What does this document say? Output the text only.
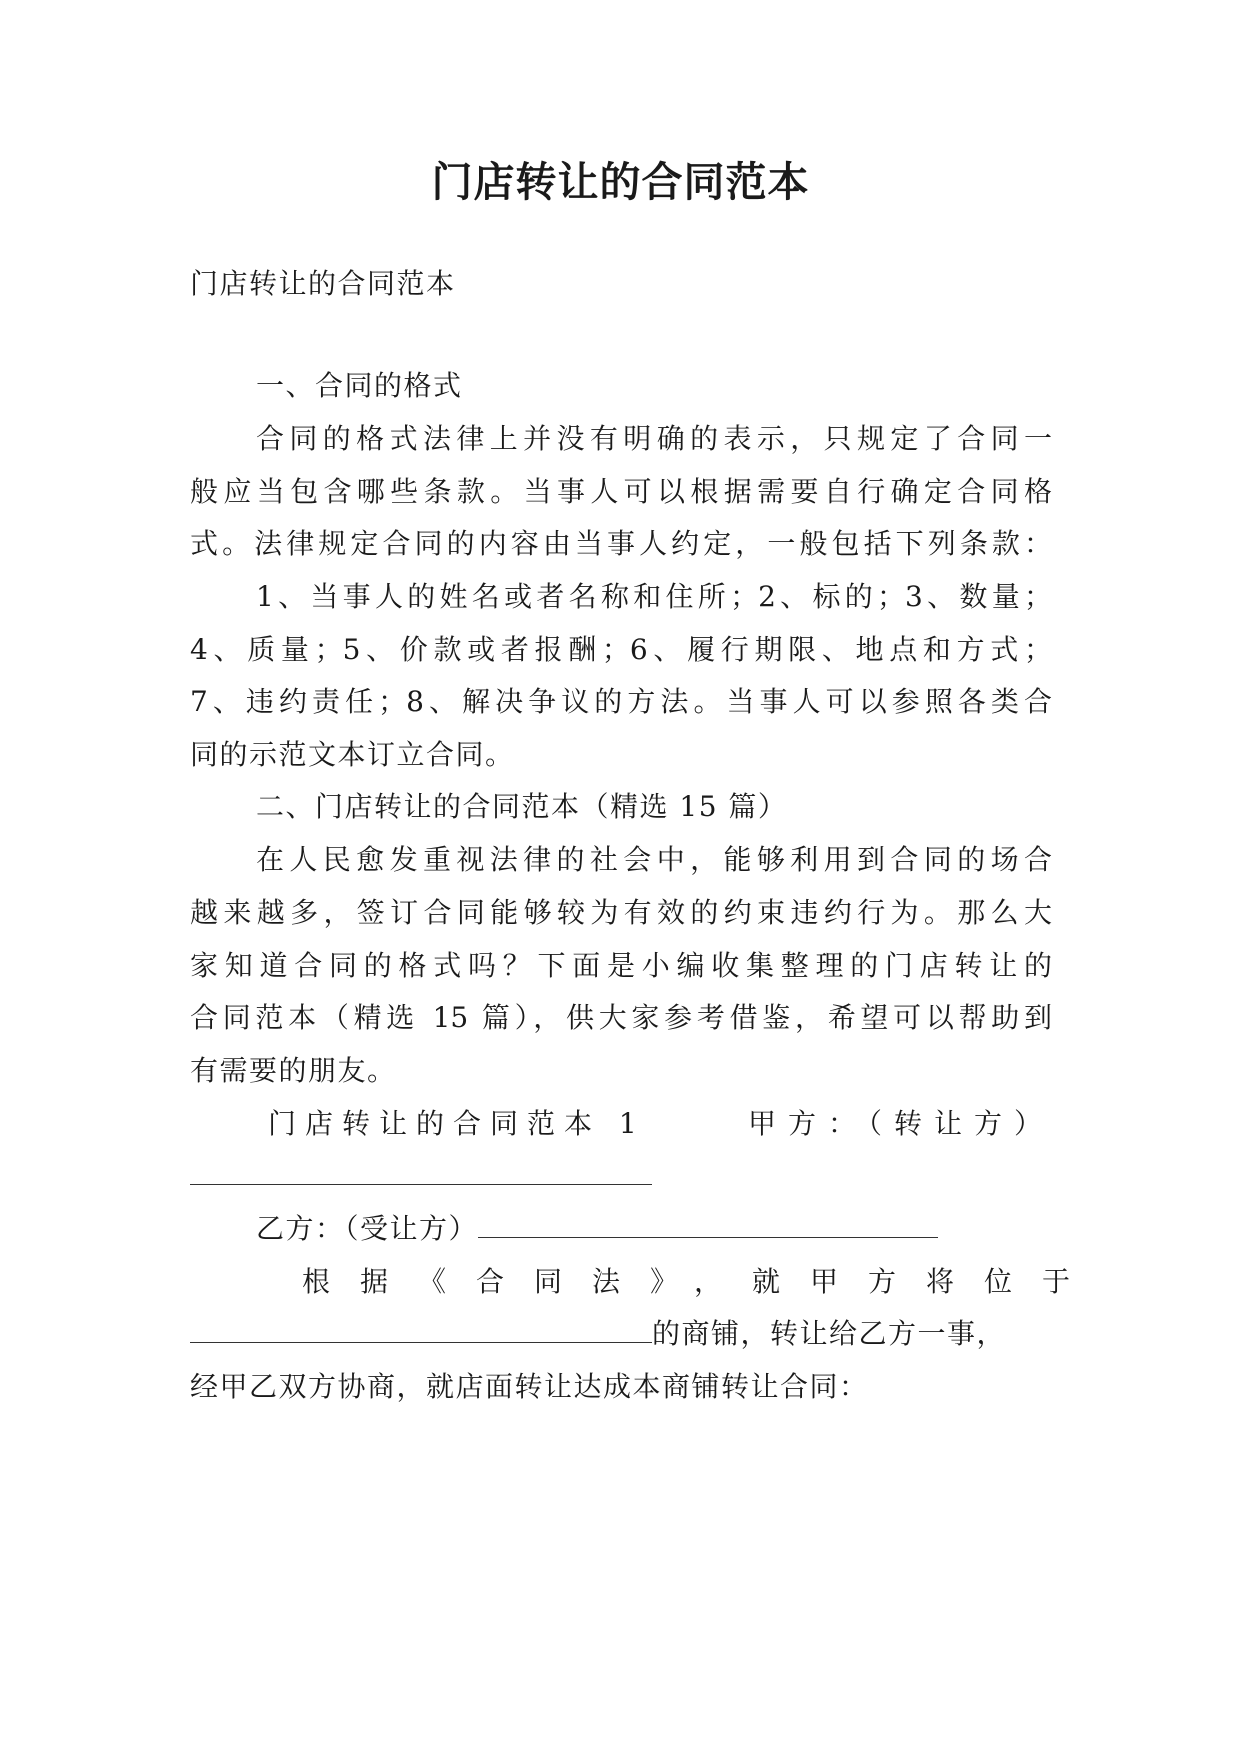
门店转让的合同范本
门店转让的合同范本
一、合同的格式
合同的格式法律上并没有明确的表示，只规定了合同一
般应当包含哪些条款。当事人可以根据需要自行确定合同格
式。法律规定合同的内容由当事人约定，一般包括下列条款：
1、当事人的姓名或者名称和住所；2、标的；3、数量；
4、质量；5、价款或者报酬；6、履行期限、地点和方式；
7、违约责任；8、解决争议的方法。当事人可以参照各类合
同的示范文本订立合同。
二、门店转让的合同范本（精选 15 篇）
在人民愈发重视法律的社会中，能够利用到合同的场合
越来越多，签订合同能够较为有效的约束违约行为。那么大
家知道合同的格式吗？下面是小编收集整理的门店转让的
合同范本（精选 15 篇），供大家参考借鉴，希望可以帮助到
有需要的朋友。
门店转让的合同范本 1	甲方：（转让方）
乙方：（受让方）
根据《合同法》，就甲方将位于
的商铺，转让给乙方一事，
经甲乙双方协商，就店面转让达成本商铺转让合同：
